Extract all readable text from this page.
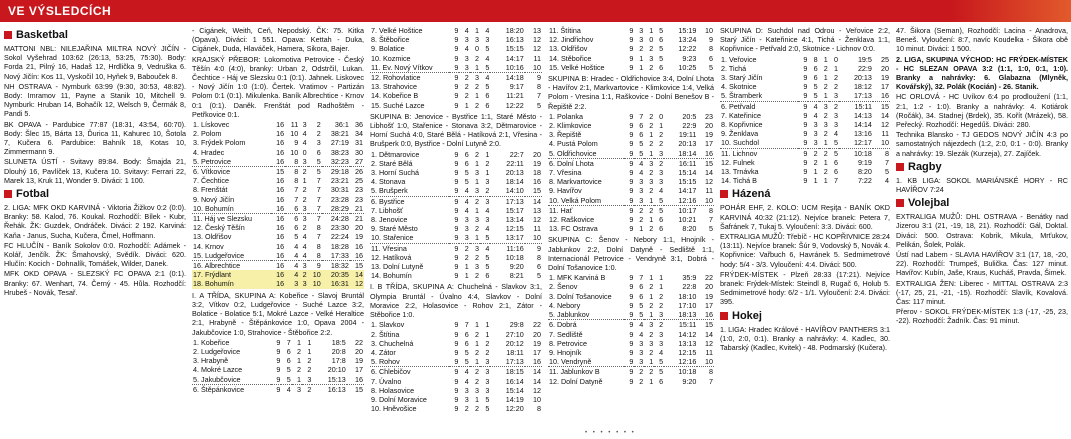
VE VÝSLEDCÍCH
Basketbal
MATTONI NBL: NILEJAŘINA MILTRA NOVÝ JIČÍN - Sokol Vyšehrad 103:62 (26:13, 53:25, 75:30). Body: Forda 21, Pilný 16, Hadaš 12, Hrdlička 9, Vedruška 6. Nový Jičín: Kos 11, Vyskočil 10, Hyňek 9, Babouček 8.
NH OSTRAVA - Nymburk 63:99 (9:30, 30:53, 48:82). Body: Imramov 11, Payne a Stanik 10, Mitchell 9. Nymburk: Hruban 14, Bohačík 12, Welsch 9, Čermák 8, Pandi 5.
BK OPAVA - Pardubice 77:87 (18:31, 43:54, 60:70). Body: Šlec 15, Bárta 13, Ďurica 11, Kahurec 10, Šotola 7, Kučera 6. Pardubice: Bahník 18, Kotas 10, Zimmermann 9.
SLUNETA ÚSTÍ - Svitavy 89:84. Body: Šmajda 21, Dlouhý 16, Pavlíček 13, Kučera 10. Svitavy: Ferrari 22, Marek 13, Kruk 11, Wonder 9. Diváci: 1 100.
Fotbal
2. LIGA: MFK OKD KARVINÁ - Viktoria Žižkov 0:2 (0:0). Branky: 58. Kalod, 76. Koukal. Rozhodčí: Bílek - Kubr, Řehák. ŽK: Guzdek, Ondráček. Diváci: 2 192. Karviná: Kaňa - Janus, Sucha, Kučera, Čmel, Hoffmann.
FC HLUČÍN - Baník Sokolov 0:0. Rozhodčí: Adámek - Kolář, Jenčík. ŽK: Šmahovský, Svědík. Diváci: 620. Hlučín: Kocich - Dohnalík, Tomášek, Wilder, Danek.
MFK OKD OPAVA - SLEZSKÝ FC OPAVA 2:1 (0:1). Branky: 67. Wenhart, 74. Černý - 45. Hůla. Rozhodčí: Hrubeš - Novák, Tesař.
- Cigánek, Weith, Ceň, Nepodský. ČK: 75. Kitka (Opava). Diváci: 1 551. Opava: Kettah - Duka, Cigánek, Duda, Hlaváček, Hamera, Sikora, Bajer.
KRAJSKÝ PŘEBOR: Lokomotiva Petrovice - Český Těšín 4:0 (4:0), branky: Urban 2, Odstrčil, Lukan. Čechtice - Háj ve Slezsku 0:1 (0:1). Jahnek. Liskovec - Nový Jičín 1:0 (1:0). Čertek. Vratimov - Partizán Polom 0:1 (0:1). Mikulenka. Baník Albrechtice - Krnov 0:1 (0:1). Daněk. Frenštát pod Radhoštěm - Petřkovice 0:1.
1. Lískovec	16	11	3	2	36:1	36
2. Polom	16	10	4	2	38:21	34
3. Frýdek Polom	16	9	4	3	27:19	31
4. Hradec	16	10	0	6	38:23	30
5. Petrovice	16	8	3	5	32:23	27
6. Vítkovice	15	8	2	5	29:18	26
7. Čechtice	16	8	1	7	23:21	25
8. Frenštát	16	7	2	7	30:31	23
9. Nový Jičín	16	7	2	7	23:28	23
10. Bohumín	16	6	3	7	28:29	21
11. Háj ve Slezsku	16	6	3	7	24:28	21
12. Český Těšín	16	6	2	8	23:30	20
13. Oldřišov	16	5	4	7	22:24	19
14. Krnov	16	4	4	8	18:28	16
15. Ludgeřovice	16	4	4	8	17:33	16
16. Albrechtice	16	4	3	9	18:32	15
17. Frýdlant	16	4	2	10	20:35	14
18. Bohumín	16	3	3	10	16:31	12
I. A TŘÍDA, SKUPINA A: Kobeřice - Slavoj Bruntál 3:2, Vítkov 0:2, Ludgeřovice - Suché Lazce 3:2, Bolatice - Bolatice 5:1, Mokré Lazce - Velké Heraltice 2:1, Hrabyně - Štěpánkovice 1:0, Opava 2004 - Jakubčovice 1:0, Strahovice - Štěbořice 2:2.
1. Kobeřice	9	7	1	1	18:5	22
2. Ludgeřovice	9	6	2	1	20:8	20
3. Hrabyně	9	6	1	2	17:8	19
4. Mokré Lazce	9	5	2	2	20:10	17
5. Jakubčovice	9	5	1	3	15:13	16
6. Štěpánkovice	9	4	3	2	16:13	15
7. Velké Hoštice	9	4	1	4	18:20	13
8. Štěbořice	9	3	3	3	16:13	12
9. Bolatice	9	4	0	5	15:15	12
10. Kozmice	9	3	2	4	14:17	11
11. Ev. Nový Vítkov	9	3	1	5	10:16	10
12. Rohovlatice	9	2	3	4	14:18	9
13. Strahovice	9	2	2	5	9:17	8
14. Kobeřice B	9	2	1	6	11:21	7
15. Suché Lazce	9	1	2	6	12:22	5
SKUPINA B: Jenovice - Bystřice 1:1, Staré Město - Libhošť 1:0, Stařenice - Stonava 3:2, Dětmarovice - Horní Suchá 4:0, Staré Bělá - Hatíková 2:1, Vřesina - Brušperk 0:0, Bystřice - Dolní Lutyně 2:0.
1. Dětmarovice	9	6	2	1	22:7	20
2. Staré Bělá	9	6	1	2	22:11	19
3. Horní Suchá	9	5	3	1	20:13	18
4. Stonava	9	5	1	3	18:14	16
5. Brušperk	9	4	3	2	14:10	15
6. Bystřice	9	4	2	3	17:13	14
7. Libhošť	9	4	1	4	15:17	13
8. Jenovice	9	3	3	3	13:14	12
9. Staré Město	9	3	2	4	12:15	11
10. Stařenice	9	3	1	5	13:17	10
11. Vřesina	9	2	3	4	11:16	9
12. Hatíková	9	2	2	5	10:18	8
13. Dolní Lutyně	9	1	3	5	9:20	6
14. Bohumín	9	1	2	6	8:21	5
I. B TŘÍDA, SKUPINA A: Chuchelná - Slavkov 3:1, Olympia Bruntál - Úvalno 4:4, Slavkov - Dolní Moravice 2:2, Holasovice - Rohov 2:1, Zátor - Stěbořice 1:0.
1. Slavkov	9	7	1	1	29:8	22
2. Štítina	9	6	2	1	27:10	20
3. Chuchelná	9	6	1	2	20:12	19
4. Zátor	9	5	2	2	18:11	17
5. Rohov	9	5	1	3	17:13	16
6. Chlebičov	9	4	2	3	18:15	14
7. Úvalno	9	4	2	3	16:14	14
8. Holasovice	9	3	3	3	15:14	12
9. Dolní Moravice	9	3	1	5	14:19	10
10. Hněvošice	9	2	2	5	12:20	8
11. Štítina	9	3	1	5	15:19	10
12. Jindřichov	9	3	0	6	13:24	9
13. Oldřišov	9	2	2	5	12:22	8
14. Stěbořice	9	1	3	5	9:23	6
15. Velké Hoštice	9	1	2	6	10:25	5
SKUPINA B: Hradec - Oldřichovice 3:4, Dolní Lhota - Havířov 2:1, Markvartovice - Klimkovice 1:4, Velká Polom - Vresina 1:1, Raškovice - Dolní Benešov B - Řepiště 2:2.
1. Polanka	9	7	2	0	20:5	23
2. Klimkovice	9	6	2	1	22:9	20
3. Řepiště	9	6	1	2	19:11	19
4. Pustá Polom	9	5	2	2	20:13	17
5. Oldřichovice	9	5	1	3	18:14	16
6. Dolní Lhota	9	4	3	2	16:11	15
7. Vřesina	9	4	2	3	15:14	14
8. Markvartovice	9	3	3	3	15:15	12
9. Havířov	9	3	2	4	14:17	11
10. Velká Polom	9	3	1	5	12:16	10
11. Hať	9	2	2	5	10:17	8
12. Raškovice	9	2	1	6	10:21	7
13. FC Ostrava	9	1	2	6	8:20	5
SKUPINA C: Šenov - Nebory 1:1, Hnojník - Jablunkov 2:2, Dolní Datyně - Sedliště 1:1, Internacionál Petrovice - Vendryně 3:1, Dobrá - Dolní Tošanovice 1:0.
1. MFK Karviná B	9	7	1	1	35:9	22
2. Šenov	9	6	2	1	22:8	20
3. Dolní Tošanovice	9	6	1	2	18:10	19
4. Nebory	9	5	2	2	17:10	17
5. Jablunkov	9	5	1	3	18:13	16
6. Dobrá	9	4	3	2	15:11	15
7. Sedliště	9	4	2	3	14:12	14
8. Petrovice	9	3	3	3	13:13	12
9. Hnojník	9	3	2	4	12:15	11
10. Vendryně	9	3	1	5	12:16	10
11. Jablunkov B	9	2	2	5	10:18	8
12. Dolní Datyně	9	2	1	6	9:20	7
SKUPINA D: Suchdol nad Odrou - Veřovice 2:2, Starý Jičín - Kateřinice 4:1, Tichá - Ženklava 1:1, Kopřivnice - Petřvald 2:0, Skotnice - Lichnov 0:0.
1. Veřovice	9	8	1	0	19:5	25
2. Tichá	9	6	2	1	22:9	20
3. Starý Jičín	9	6	1	2	20:13	19
4. Skotnice	9	5	2	2	18:12	17
5. Štramberk	9	5	1	3	17:13	16
6. Petřvald	9	4	3	2	15:11	15
7. Kateřinice	9	4	2	3	14:13	14
8. Kopřivnice	9	3	3	3	14:14	12
9. Ženklava	9	3	2	4	13:16	11
10. Suchdol	9	3	1	5	12:17	10
11. Lichnov	9	2	2	5	10:18	8
12. Fulnek	9	2	1	6	9:19	7
13. Trnávka	9	1	2	6	8:20	5
14. Tichá B	9	1	1	7	7:22	4
Házená
POHÁR EHF, 2. KOLO: UCM Reşiţa - BANÍK OKD KARVINÁ 40:32 (21:12). Nejvíce branek: Petera 7, Šafránek 7, Tukaj 5. Vyloučení: 3:3. Diváci: 600.
EXTRALIGA MUŽŮ: Třebíč - HC KOPŘIVNICE 28:24 (13:11). Nejvíce branek: Šúr 9, Vodovský 5, Novák 4. Kopřivnice: Vařbuch 6, Havránek 5. Sedmimetrové hody: 5/4 - 3/3. Vyloučení: 4:4. Diváci: 500.
FRÝDEK-MÍSTEK - Plzeň 28:33 (17:21). Nejvíce branek: Frýdek-Místek: Steindl 8, Rugač 6, Holub 5. Sedmimetrové hody: 6/2 - 1/1. Vyloučení: 2:4. Diváci: 395.
Hokej
1. LIGA: Hradec Králové - HAVÍŘOV PANTHERS 3:1 (1:0, 2:0, 0:1). Branky a nahrávky: 4. Kadlec, 30. Tabarský (Kadlec, Kvitek) - 48. Podmarský (Kučera).
47. Šikora (Seman), Rozhodčí: Lacina - Anadrova, Beneš. Vyloučení: 8:7, navíc Koudelka - Šikora obě 10 minut. Diváci: 1 500.
2. LIGA, SKUPINA VÝCHOD: HC FRÝDEK-MÍSTEK - HC SLEZAN OPAVA 3:2 (1:1, 1:0, 0:1, 1:0). Branky a nahrávky: 6. Glabazna (Mlyněk, Kovářský), 32. Polák (Kocián) - 26. Stanik.
HC ORLOVÁ - HC Uvíkov 6:4 po prodloužení (1:1, 2:1, 1:2 - 1:0). Branky a nahrávky: 4. Kotiárok (Ročák), 34. Stadnej (Brdek), 35. Kořít (Mrázek), 58. Peřecký. Rozhodčí: Hegedűš. Diváci: 280.
Technika Blansko - TJ GEDOS NOVÝ JIČÍN 4:3 po samostatných nájezdech (1:2, 2:0, 0:1 - 0:0). Branky a nahrávky: 19. Slezák (Kurzeja), 27. Zajíček.
Ragby
1. KB LIGA: SOKOL MARIÁNSKÉ HORY - RC HAVÍŘOV 7:24
Volejbal
EXTRALIGA MUŽŮ: DHL OSTRAVA - Benátky nad Jizerou 3:1 (21, -19, 18, 21). Rozhodčí: Gál, Doktal. Diváci: 500. Ostrava: Kobrik, Mikula, Mrťukov, Pelikán, Šolek, Polák.
Ústí nad Labem - SLAVIA HAVÍŘOV 3:1 (17, 18, -20, 22). Rozhodčí: Trumpeš, Bulička. Čas: 127 minut. Havířov: Kubín, Jaše, Kraus, Kucháš, Pravda, Šimek.
EXTRALIGA ŽEN: Liberec - MITTAL OSTRAVA 2:3 (-17, 25, 21, -21, -15). Rozhodčí: Slavík, Kovalová. Čas: 117 minut.
Přerov - SOKOL FRÝDEK-MÍSTEK 1:3 (-17, -25, 23, -22). Rozhodčí: Žadník. Čas: 91 minut.
• • • • • • •
